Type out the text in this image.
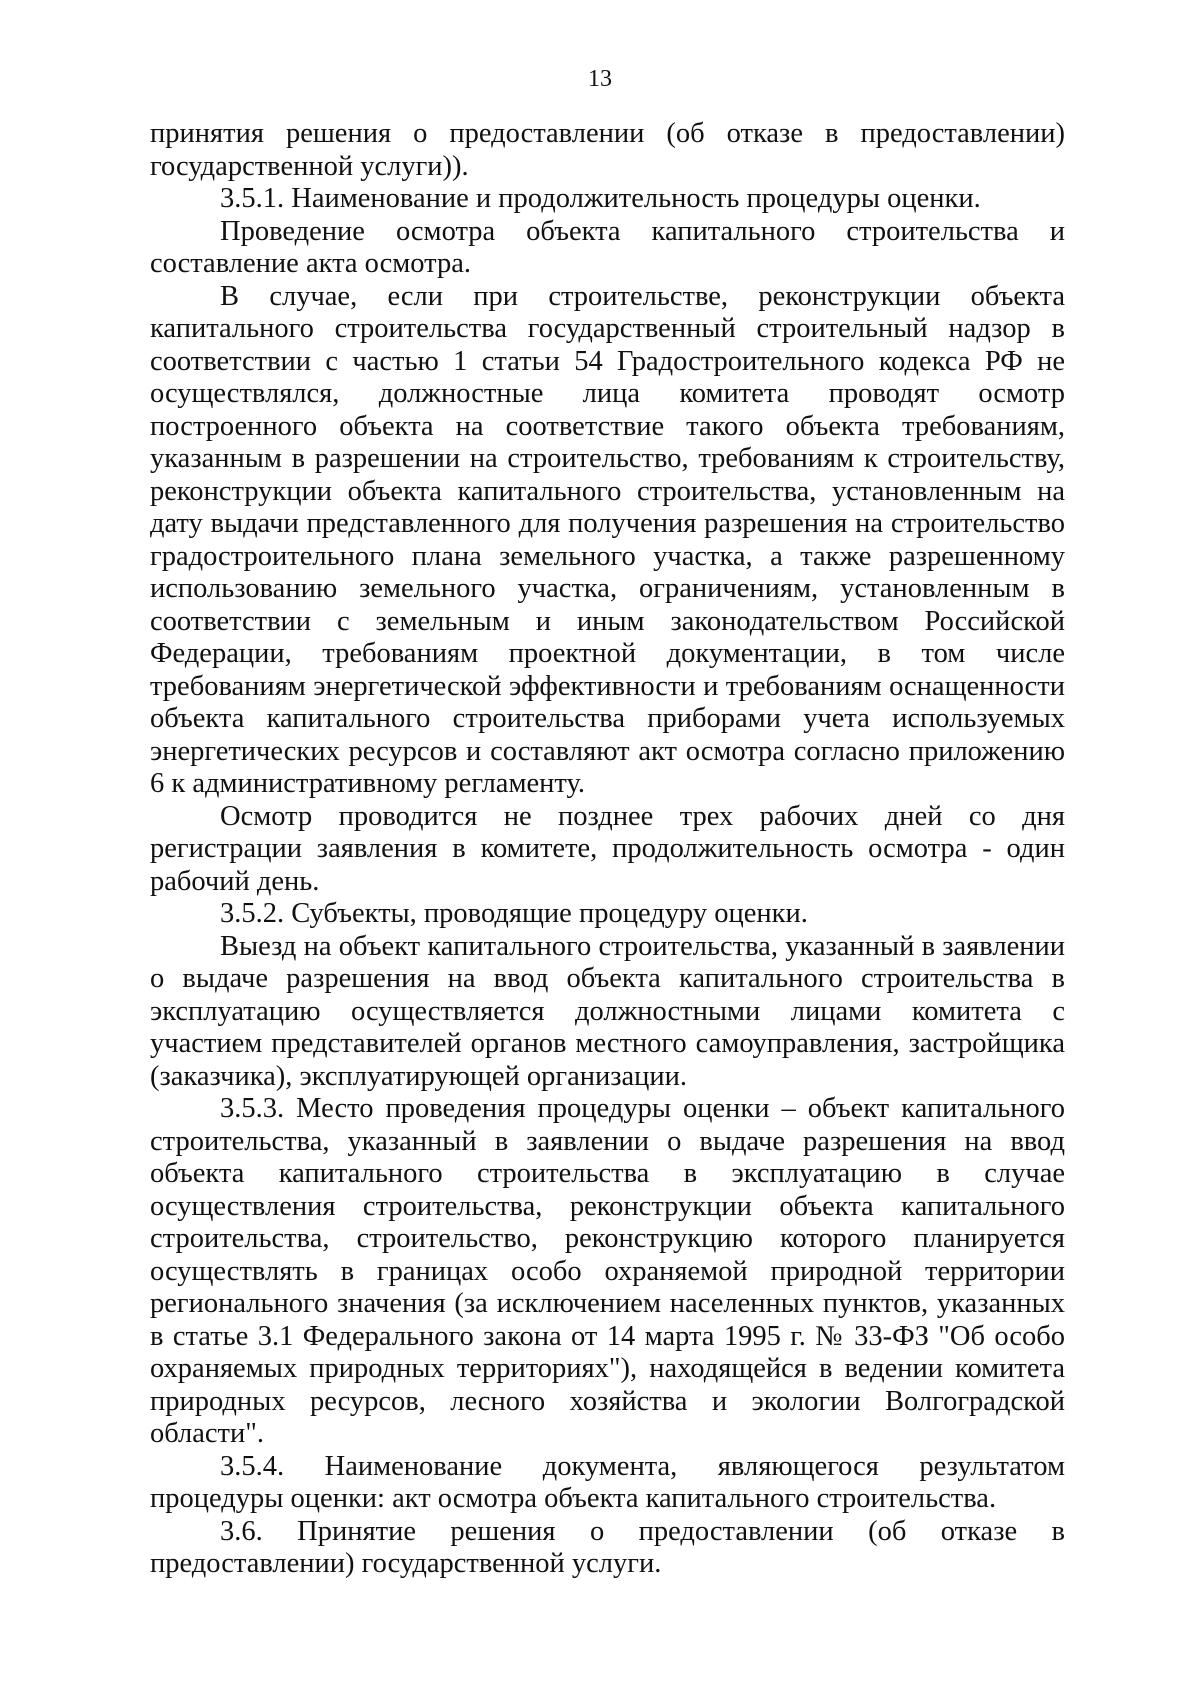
13

принятия решения о предоставлении (об отказе в предоставлении) государственной услуги)).

3.5.1. Наименование и продолжительность процедуры оценки.

Проведение осмотра объекта капитального строительства и составление акта осмотра.

В случае, если при строительстве, реконструкции объекта капитального строительства государственный строительный надзор в соответствии с частью 1 статьи 54 Градостроительного кодекса РФ не осуществлялся, должностные лица комитета проводят осмотр построенного объекта на соответствие такого объекта требованиям, указанным в разрешении на строительство, требованиям к строительству, реконструкции объекта капитального строительства, установленным на дату выдачи представленного для получения разрешения на строительство градостроительного плана земельного участка, а также разрешенному использованию земельного участка, ограничениям, установленным в соответствии с земельным и иным законодательством Российской Федерации, требованиям проектной документации, в том числе требованиям энергетической эффективности и требованиям оснащенности объекта капитального строительства приборами учета используемых энергетических ресурсов и составляют акт осмотра согласно приложению 6 к административному регламенту.

Осмотр проводится не позднее трех рабочих дней со дня регистрации заявления в комитете, продолжительность осмотра - один рабочий день.

3.5.2. Субъекты, проводящие процедуру оценки.

Выезд на объект капитального строительства, указанный в заявлении о выдаче разрешения на ввод объекта капитального строительства в эксплуатацию осуществляется должностными лицами комитета с участием представителей органов местного самоуправления, застройщика (заказчика), эксплуатирующей организации.

3.5.3. Место проведения процедуры оценки – объект капитального строительства, указанный в заявлении о выдаче разрешения на ввод объекта капитального строительства в эксплуатацию в случае осуществления строительства, реконструкции объекта капитального строительства, строительство, реконструкцию которого планируется осуществлять в границах особо охраняемой природной территории регионального значения (за исключением населенных пунктов, указанных в статье 3.1 Федерального закона от 14 марта 1995 г. № 33-ФЗ "Об особо охраняемых природных территориях"), находящейся в ведении комитета природных ресурсов, лесного хозяйства и экологии Волгоградской области".

3.5.4. Наименование документа, являющегося результатом процедуры оценки: акт осмотра объекта капитального строительства.

3.6. Принятие решения о предоставлении (об отказе в предоставлении) государственной услуги.
